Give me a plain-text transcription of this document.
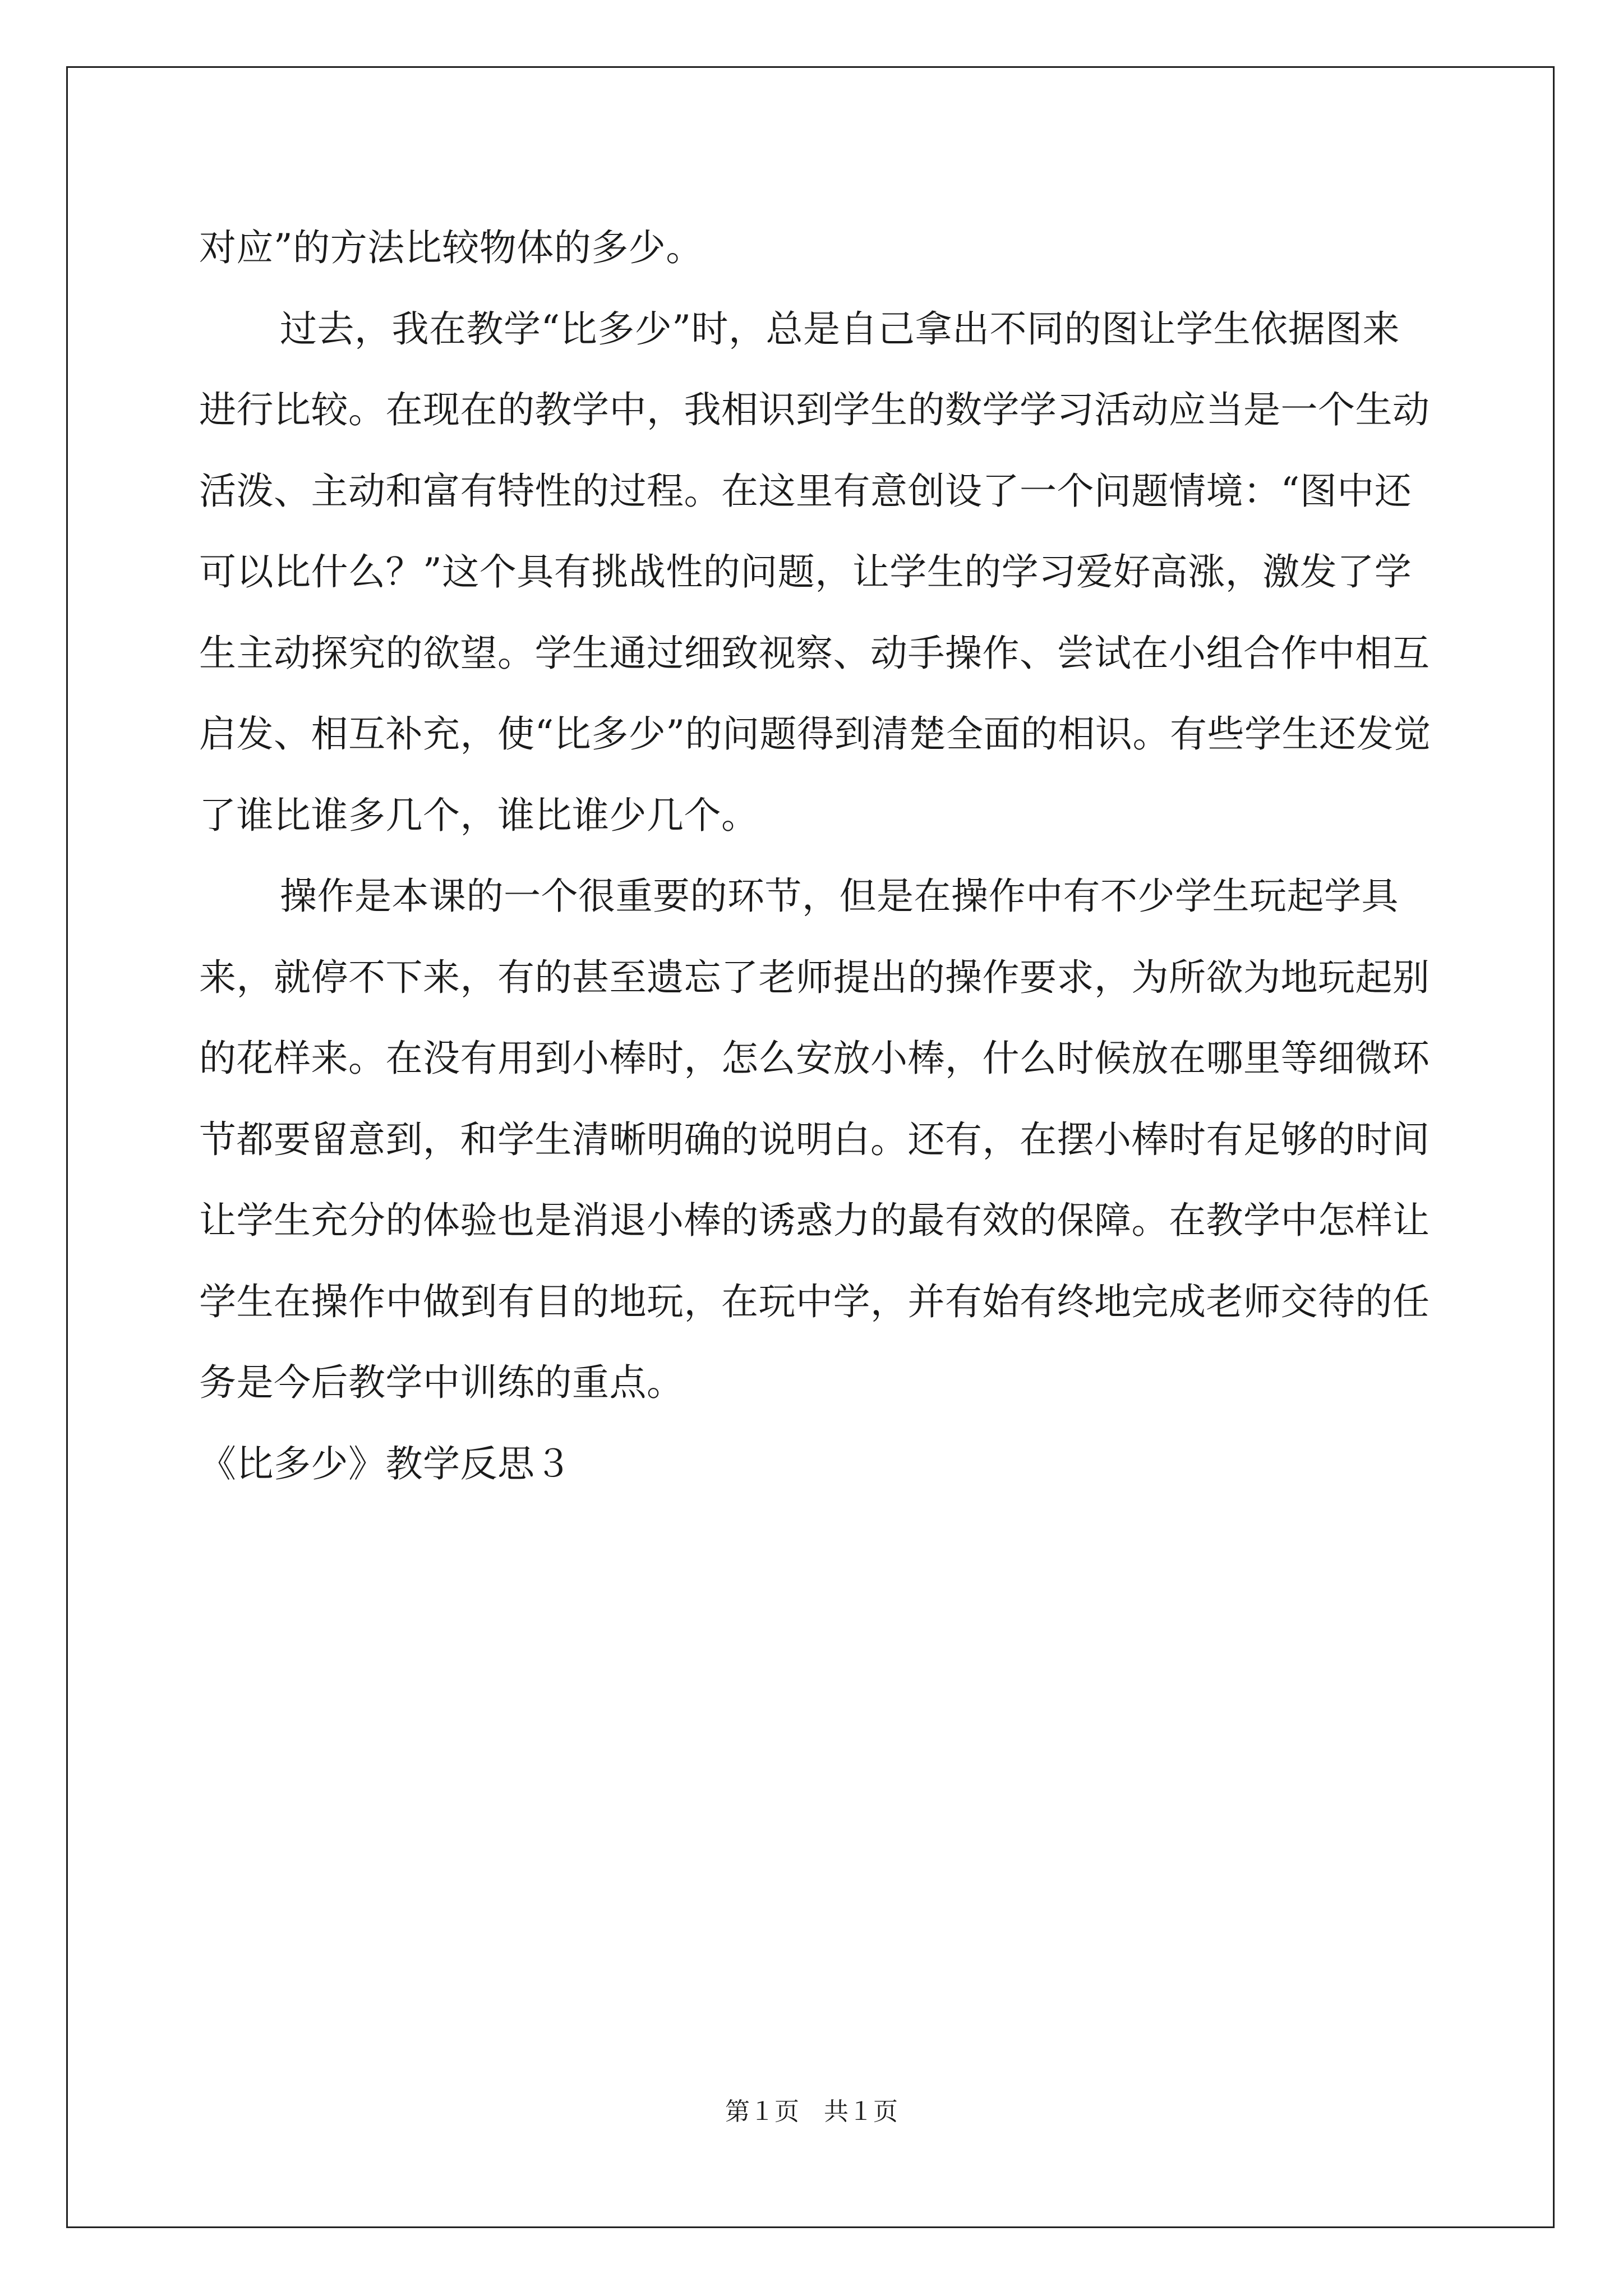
对应”的方法比较物体的多少。

过去，我在教学“比多少”时，总是自己拿出不同的图让学生依据图来进行比较。在现在的教学中，我相识到学生的数学学习活动应当是一个生动活泼、主动和富有特性的过程。在这里有意创设了一个问题情境：“图中还可以比什么？”这个具有挑战性的问题，让学生的学习爱好高涨，激发了学生主动探究的欲望。学生通过细致视察、动手操作、尝试在小组合作中相互启发、相互补充，使“比多少”的问题得到清楚全面的相识。有些学生还发觉了谁比谁多几个，谁比谁少几个。

操作是本课的一个很重要的环节，但是在操作中有不少学生玩起学具来，就停不下来，有的甚至遗忘了老师提出的操作要求，为所欲为地玩起别的花样来。在没有用到小棒时，怎么安放小棒，什么时候放在哪里等细微环节都要留意到，和学生清晰明确的说明白。还有，在摆小棒时有足够的时间让学生充分的体验也是消退小棒的诱惑力的最有效的保障。在教学中怎样让学生在操作中做到有目的地玩，在玩中学，并有始有终地完成老师交待的任务是今后教学中训练的重点。

《比多少》教学反思３

第１页　共１页
